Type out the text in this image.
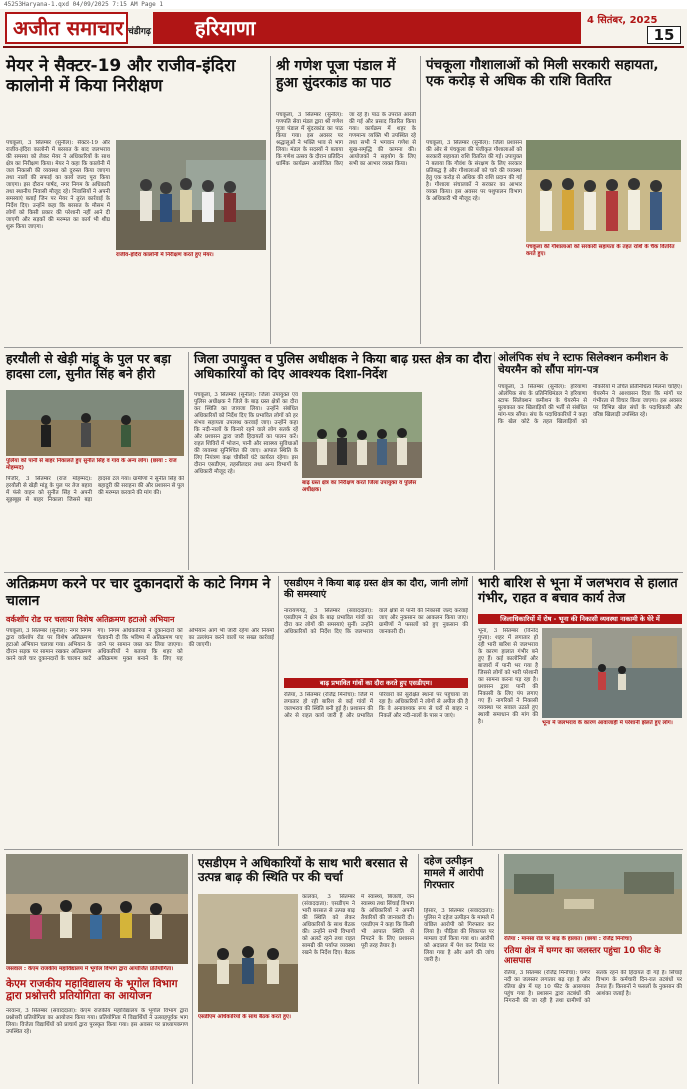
45253Haryana-1.qxd 04/09/2025 7:15 AM Page 1
अजीत समाचार चंडीगढ़	हरियाणा	4 सितंबर, 2025
15
मेयर ने सैक्टर-19 और राजीव-इंदिरा कालोनी में किया निरीक्षण
पंचकूला, 3 सितम्बर (सुनील): सैक्टर-19 और राजीव-इंदिरा कालोनी में बरसात के बाद जलभराव की समस्या को लेकर मेयर ने अधिकारियों के साथ क्षेत्र का निरीक्षण किया। मेयर ने कहा कि कालोनी में जल निकासी की व्यवस्था को दुरुस्त किया जाएगा तथा नालों की सफाई का कार्य जल्द पूरा किया जाएगा। इस दौरान पार्षद, नगर निगम के अधिकारी तथा स्थानीय निवासी मौजूद रहे। निवासियों ने अपनी समस्याएं बताईं जिन पर मेयर ने तुरंत कार्रवाई के निर्देश दिए। उन्होंने कहा कि बरसात के मौसम में लोगों को किसी प्रकार की परेशानी नहीं आने दी जाएगी और सड़कों की मरम्मत का कार्य भी शीघ्र शुरू किया जाएगा।
राजीव-इंदिरा कालोनी में निरीक्षण करते हुए मेयर।
श्री गणेश पूजा पंडाल में हुआ सुंदरकांड का पाठ
पंचकूला, 3 सितम्बर (सुनील): गणपति सेवा मंडल द्वारा श्री गणेश पूजा पंडाल में सुंदरकांड का पाठ किया गया। इस अवसर पर श्रद्धालुओं ने भक्ति भाव से भाग लिया। मंडल के सदस्यों ने बताया कि गणेश उत्सव के दौरान प्रतिदिन धार्मिक कार्यक्रम आयोजित किए जा रहे हैं। पाठ के उपरांत आरती की गई और प्रसाद वितरित किया गया। कार्यक्रम में शहर के गणमान्य व्यक्ति भी उपस्थित रहे तथा सभी ने भगवान गणेश से सुख-समृद्धि की कामना की। आयोजकों ने सहयोग के लिए सभी का आभार व्यक्त किया।
पंचकूला गौशालाओं को मिली सरकारी सहायता, एक करोड़ से अधिक की राशि वितरित
पंचकूला, 3 सितम्बर (सुनील): जिला प्रशासन की ओर से पंचकूला की पंजीकृत गौशालाओं को सरकारी सहायता राशि वितरित की गई। उपायुक्त ने बताया कि गौवंश के संरक्षण के लिए सरकार प्रतिबद्ध है और गौशालाओं को चारे की व्यवस्था हेतु एक करोड़ से अधिक की राशि प्रदान की गई है। गौशाला संचालकों ने सरकार का आभार व्यक्त किया। इस अवसर पर पशुपालन विभाग के अधिकारी भी मौजूद रहे।
पंचकूला की गौशालाओं को सरकारी सहायता के तहत राशि के चैक वितरित करते हुए।
हरयौली से खेड़ी मांडू के पुल पर बड़ा हादसा टला, सुनीत सिंह बने हीरो
पुलिया को पानी से बाहर निकालते हुए सुनीत सिंह व गांव के अन्य लोग। (छाया : राज मोहम्मद)
पिंजौर, 3 सितम्बर (राज मोहम्मद): हरयौली से खेड़ी मांडू के पुल पर तेज बहाव में फंसे वाहन को सुनीत सिंह ने अपनी सूझबूझ से बाहर निकाला जिससे बड़ा हादसा टल गया। ग्रामीणों ने सुनीत सिंह की बहादुरी की सराहना की और प्रशासन से पुल की मरम्मत करवाने की मांग की।
जिला उपायुक्त व पुलिस अधीक्षक ने किया बाढ़ ग्रस्त क्षेत्र का दौरा अधिकारियों को दिए आवश्यक दिशा-निर्देश
पंचकूला, 3 सितम्बर (सुनील): जिला उपायुक्त एवं पुलिस अधीक्षक ने जिले के बाढ़ ग्रस्त क्षेत्रों का दौरा कर स्थिति का जायजा लिया। उन्होंने संबंधित अधिकारियों को निर्देश दिए कि प्रभावित लोगों को हर संभव सहायता उपलब्ध करवाई जाए। उन्होंने कहा कि नदी-नालों के किनारे रहने वाले लोग सतर्क रहें और प्रशासन द्वारा जारी हिदायतों का पालन करें। राहत शिविरों में भोजन, पानी और स्वास्थ्य सुविधाओं की व्यवस्था सुनिश्चित की जाए। आपात स्थिति के लिए नियंत्रण कक्ष चौबीसों घंटे कार्यरत रहेगा। इस दौरान एसडीएम, तहसीलदार तथा अन्य विभागों के अधिकारी मौजूद रहे।
बाढ़ ग्रस्त क्षेत्र का निरीक्षण करते जिला उपायुक्त व पुलिस अधीक्षक।
ओलंपिक संघ ने स्टाफ सिलेक्शन कमीशन के चेयरमैन को सौंपा मांग-पत्र
पंचकूला, 3 सितम्बर (सुनील): हरियाणा ओलंपिक संघ के प्रतिनिधिमंडल ने हरियाणा स्टाफ सिलेक्शन कमीशन के चेयरमैन से मुलाकात कर खिलाड़ियों की भर्ती से संबंधित मांग-पत्र सौंपा। संघ के पदाधिकारियों ने कहा कि खेल कोटे के तहत खिलाड़ियों को नौकरियों में उचित प्रतिनिधित्व मिलना चाहिए। चेयरमैन ने आश्वासन दिया कि मांगों पर गंभीरता से विचार किया जाएगा। इस अवसर पर विभिन्न खेल संघों के पदाधिकारी और वरिष्ठ खिलाड़ी उपस्थित रहे।
अतिक्रमण करने पर चार दुकानदारों के काटे निगम ने चालान
वर्कशॉप रोड पर चलाया विशेष अतिक्रमण हटाओ अभियान
पंचकूला, 3 सितम्बर (सुनील): नगर निगम द्वारा वर्कशॉप रोड पर विशेष अतिक्रमण हटाओ अभियान चलाया गया। अभियान के दौरान सड़क पर सामान रखकर अतिक्रमण करने वाले चार दुकानदारों के चालान काटे गए। निगम अधिकारियों ने दुकानदारों को चेतावनी दी कि भविष्य में अतिक्रमण पाए जाने पर सामान जब्त कर लिया जाएगा। अधिकारियों ने बताया कि शहर को अतिक्रमण मुक्त बनाने के लिए यह अभियान आगे भी जारी रहेगा और नियमों का उल्लंघन करने वालों पर सख्त कार्रवाई की जाएगी।
एसडीएम ने किया बाढ़ ग्रस्त क्षेत्र का दौरा, जानी लोगों की समस्याएं
नारायणगढ़, 3 सितम्बर (संवाददाता): एसडीएम ने क्षेत्र के बाढ़ प्रभावित गांवों का दौरा कर लोगों की समस्याएं सुनीं। उन्होंने अधिकारियों को निर्देश दिए कि जलभराव वाले क्षेत्रों से पानी की निकासी जल्द करवाई जाए और नुकसान का आकलन किया जाए। ग्रामीणों ने फसलों को हुए नुकसान की जानकारी दी।
बाढ़ प्रभावित गांवों का दौरा करते हुए एसडीएम।
रतिया, 3 सितम्बर (रजिंद्र मिनोचा): जिले में लगातार हो रही बारिश से कई गांवों में जलभराव की स्थिति बनी हुई है। प्रशासन की ओर से राहत कार्य जारी हैं और प्रभावित परिवारों को सुरक्षित स्थानों पर पहुंचाया जा रहा है। अधिकारियों ने लोगों से अपील की है कि वे अनावश्यक रूप से घरों से बाहर न निकलें और नदी-नालों के पास न जाएं।
भारी बारिश से भूना में जलभराव से हालात गंभीर, राहत व बचाव कार्य तेज
जिलाधिकारियों में रोष - भूना की निकासी व्यवस्था नाकामी के घेरे में
भूना, 3 सितम्बर (विनोद गुप्ता): शहर में लगातार हो रही भारी बारिश से जलभराव के कारण हालात गंभीर बने हुए हैं। कई कालोनियों और बाजारों में पानी भर गया है जिससे लोगों को भारी परेशानी का सामना करना पड़ रहा है। प्रशासन द्वारा पानी की निकासी के लिए पंप लगाए गए हैं। नागरिकों ने निकासी व्यवस्था पर सवाल उठाते हुए स्थायी समाधान की मांग की है।	भूना में जलभराव के कारण आवाजाही में परेशानी झेलते हुए लोग।
जसवाल : केएम राजकीय महाविद्यालय में भूगोल विभाग द्वारा आयोजित प्रतियोगिता।
केएम राजकीय महाविद्यालय के भूगोल विभाग द्वारा प्रश्नोत्तरी प्रतियोगिता का आयोजन
नरवाना, 3 सितम्बर (संवाददाता): केएम राजकीय महाविद्यालय के भूगोल विभाग द्वारा प्रश्नोत्तरी प्रतियोगिता का आयोजन किया गया। प्रतियोगिता में विद्यार्थियों ने उत्साहपूर्वक भाग लिया। विजेता विद्यार्थियों को प्राचार्य द्वारा पुरस्कृत किया गया। इस अवसर पर प्राध्यापकगण उपस्थित रहे।
एसडीएम ने अधिकारियों के साथ भारी बरसात से उत्पन्न बाढ़ की स्थिति पर की चर्चा
एसडीएम अधिकारियों के साथ बैठक करते हुए।
कालका, 3 सितम्बर (संवाददाता): एसडीएम ने भारी बरसात से उत्पन्न बाढ़ की स्थिति को लेकर अधिकारियों के साथ बैठक की। उन्होंने सभी विभागों को अलर्ट रहने तथा राहत सामग्री की पर्याप्त व्यवस्था रखने के निर्देश दिए। बैठक में स्वास्थ्य, बिजली, जन स्वास्थ्य तथा सिंचाई विभाग के अधिकारियों ने अपनी तैयारियों की जानकारी दी। एसडीएम ने कहा कि किसी भी आपात स्थिति से निपटने के लिए प्रशासन पूरी तरह तैयार है।
दहेज उत्पीड़न मामले में आरोपी गिरफ्तार
हिसार, 3 सितम्बर (संवाददाता): पुलिस ने दहेज उत्पीड़न के मामले में वांछित आरोपी को गिरफ्तार कर लिया है। पीड़िता की शिकायत पर मामला दर्ज किया गया था। आरोपी को अदालत में पेश कर रिमांड पर लिया गया है और आगे की जांच जारी है।
रतिया : मानसा रोड पर बाढ़ के हालात। (छाया : रजिंद्र मिनोचा)
रतिया क्षेत्र में घग्गर का जलस्तर पहुंचा 10 फीट के आसपास
रतिया, 3 सितम्बर (रजिंद्र मिनोचा): घग्गर नदी का जलस्तर लगातार बढ़ रहा है और रतिया क्षेत्र में यह 10 फीट के आसपास पहुंच गया है। प्रशासन द्वारा तटबंधों की निगरानी की जा रही है तथा ग्रामीणों को सतर्क रहने की हिदायत दी गई है। सिंचाई विभाग के कर्मचारी दिन-रात तटबंधों पर तैनात हैं। किसानों ने फसलों के नुकसान की आशंका जताई है।
